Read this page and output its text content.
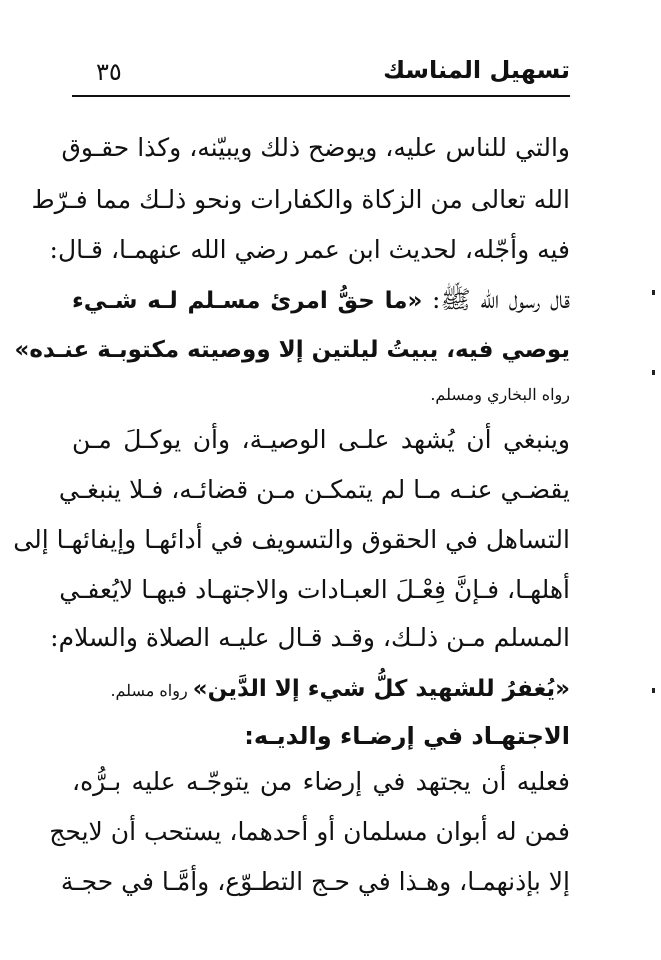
تسهيل المناسك
٣٥
والتي للناس عليه، ويوضح ذلك ويبيّنه، وكذا حقـوق
الله تعالى من الزكاة والكفارات ونحو ذلـك مما فـرّط
فيه وأجّله، لحديث ابن عمر رضي الله عنهمـا، قـال:
قال رسول الله ﷺ: «ما حقُّ امرئ مسـلم لـه شـيء
يوصي فيه، يبيتُ ليلتين إلا ووصيته مكتوبـة عنـده»
رواه البخاري ومسلم.
وينبغي أن يُشهد علـى الوصيـة، وأن يوكـلَ مـن
يقضـي عنـه مـا لم يتمكـن مـن قضائـه، فـلا ينبغـي
التساهل في الحقوق والتسويف في أدائهـا وإيفائهـا إلى
أهلهـا، فـإنَّ فِعْـلَ العبـادات والاجتهـاد فيهـا لايُعفـي
المسلم مـن ذلـك، وقـد قـال عليـه الصلاة والسلام:
«يُغفرُ للشهيد كلُّ شيء إلا الدَّين» رواه مسلم.
الاجتهـاد في إرضـاء والديـه:
فعليه أن يجتهد في إرضاء من يتوجّـه عليه بـرُّه،
فمن له أبوان مسلمان أو أحدهما، يستحب أن لايحج
إلا بإذنهمـا، وهـذا في حـج التطـوّع، وأمَّـا في حجـة
